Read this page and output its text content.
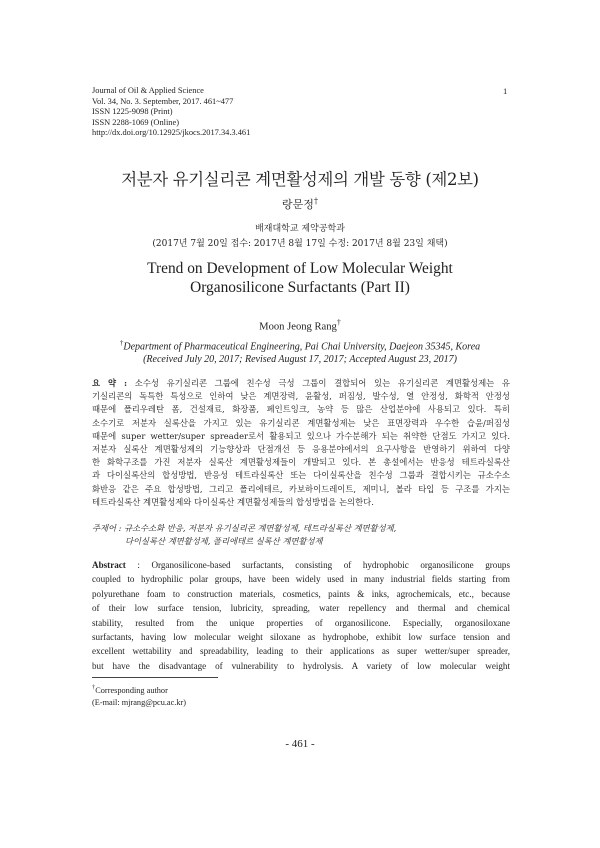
Journal of Oil & Applied Science
Vol. 34, No. 3. September, 2017. 461~477
ISSN 1225-9098 (Print)
ISSN 2288-1069 (Online)
http://dx.doi.org/10.12925/jkocs.2017.34.3.461
1
저분자 유기실리콘 계면활성제의 개발 동향 (제2보)
랑문정†
배재대학교 제약공학과
(2017년 7월 20일 접수: 2017년 8월 17일 수정: 2017년 8월 23일 채택)
Trend on Development of Low Molecular Weight
Organosilicone Surfactants (Part II)
Moon Jeong Rang†
†Department of Pharmaceutical Engineering, Pai Chai University, Daejeon 35345, Korea
(Received July 20, 2017; Revised August 17, 2017; Accepted August 23, 2017)
요 약 : 소수성 유기실리콘 그룹에 친수성 극성 그룹이 결합되어 있는 유기실리콘 계면활성제는 유
기실리콘의 독특한 특성으로 인하여 낮은 계면장력, 윤활성, 퍼짐성, 발수성, 열 안정성, 화학적 안정성
때문에 폴리우레탄 폼, 건설재료, 화장품, 페인트잉크, 농약 등 많은 산업분야에 사용되고 있다. 특히
소수기로 저분자 실록산을 가지고 있는 유기실리콘 계면활성제는 낮은 표면장력과 우수한 습윤/퍼짐성
때문에 super wetter/super spreader로서 활용되고 있으나 가수분해가 되는 취약한 단점도 가지고 있다.
저분자 실록산 계면활성제의 기능향상과 단점개선 등 응용분야에서의 요구사항을 반영하기 위하여 다양
한 화학구조를 가진 저분자 실록산 계면활성제들이 개발되고 있다. 본 총설에서는 반응성 테트라실록산
과 다이실록산의 합성방법, 반응성 테트라실록산 또는 다이실록산을 친수성 그룹과 결합시키는 규소수소
화반응 같은 주요 합성방법, 그리고 폴리에테르, 카보하이드레이트, 제미니, 볼라 타입 등 구조를 가지는
테트라실록산 계면활성제와 다이실록산 계면활성제들의 합성방법을 논의한다.
주제어 : 규소수소화 반응, 저분자 유기실리콘 계면활성제, 테트라실록산 계면활성제,
다이실록산 계면활성제, 폴리에테르 실록산 계면활성제
Abstract : Organosilicone-based surfactants, consisting of hydrophobic organosilicone groups
coupled to hydrophilic polar groups, have been widely used in many industrial fields starting from
polyurethane foam to construction materials, cosmetics, paints & inks, agrochemicals, etc., because
of their low surface tension, lubricity, spreading, water repellency and thermal and chemical
stability, resulted from the unique properties of organosilicone. Especially, organosiloxane
surfactants, having low molecular weight siloxane as hydrophobe, exhibit low surface tension and
excellent wettability and spreadability, leading to their applications as super wetter/super spreader,
but have the disadvantage of vulnerability to hydrolysis. A variety of low molecular weight
†Corresponding author
(E-mail: mjrang@pcu.ac.kr)
- 461 -
